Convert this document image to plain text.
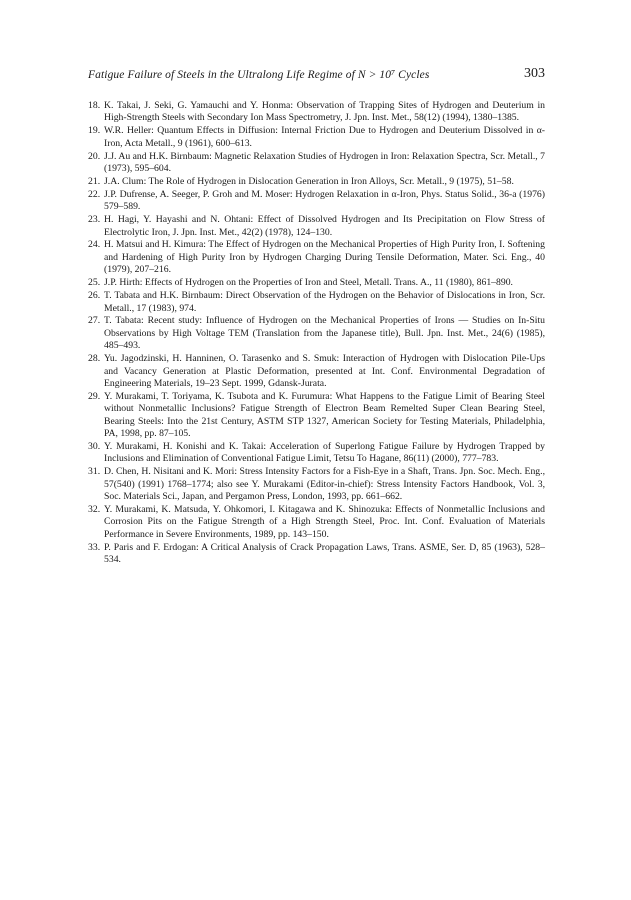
Fatigue Failure of Steels in the Ultralong Life Regime of N > 10⁷ Cycles	303
18. K. Takai, J. Seki, G. Yamauchi and Y. Honma: Observation of Trapping Sites of Hydrogen and Deuterium in High-Strength Steels with Secondary Ion Mass Spectrometry, J. Jpn. Inst. Met., 58(12) (1994), 1380–1385.
19. W.R. Heller: Quantum Effects in Diffusion: Internal Friction Due to Hydrogen and Deuterium Dissolved in α-Iron, Acta Metall., 9 (1961), 600–613.
20. J.J. Au and H.K. Birnbaum: Magnetic Relaxation Studies of Hydrogen in Iron: Relaxation Spectra, Scr. Metall., 7 (1973), 595–604.
21. J.A. Clum: The Role of Hydrogen in Dislocation Generation in Iron Alloys, Scr. Metall., 9 (1975), 51–58.
22. J.P. Dufrense, A. Seeger, P. Groh and M. Moser: Hydrogen Relaxation in α-Iron, Phys. Status Solid., 36-a (1976) 579–589.
23. H. Hagi, Y. Hayashi and N. Ohtani: Effect of Dissolved Hydrogen and Its Precipitation on Flow Stress of Electrolytic Iron, J. Jpn. Inst. Met., 42(2) (1978), 124–130.
24. H. Matsui and H. Kimura: The Effect of Hydrogen on the Mechanical Properties of High Purity Iron, I. Softening and Hardening of High Purity Iron by Hydrogen Charging During Tensile Deformation, Mater. Sci. Eng., 40 (1979), 207–216.
25. J.P. Hirth: Effects of Hydrogen on the Properties of Iron and Steel, Metall. Trans. A., 11 (1980), 861–890.
26. T. Tabata and H.K. Birnbaum: Direct Observation of the Hydrogen on the Behavior of Dislocations in Iron, Scr. Metall., 17 (1983), 974.
27. T. Tabata: Recent study: Influence of Hydrogen on the Mechanical Properties of Irons — Studies on In-Situ Observations by High Voltage TEM (Translation from the Japanese title), Bull. Jpn. Inst. Met., 24(6) (1985), 485–493.
28. Yu. Jagodzinski, H. Hanninen, O. Tarasenko and S. Smuk: Interaction of Hydrogen with Dislocation Pile-Ups and Vacancy Generation at Plastic Deformation, presented at Int. Conf. Environmental Degradation of Engineering Materials, 19–23 Sept. 1999, Gdansk-Jurata.
29. Y. Murakami, T. Toriyama, K. Tsubota and K. Furumura: What Happens to the Fatigue Limit of Bearing Steel without Nonmetallic Inclusions? Fatigue Strength of Electron Beam Remelted Super Clean Bearing Steel, Bearing Steels: Into the 21st Century, ASTM STP 1327, American Society for Testing Materials, Philadelphia, PA, 1998, pp. 87–105.
30. Y. Murakami, H. Konishi and K. Takai: Acceleration of Superlong Fatigue Failure by Hydrogen Trapped by Inclusions and Elimination of Conventional Fatigue Limit, Tetsu To Hagane, 86(11) (2000), 777–783.
31. D. Chen, H. Nisitani and K. Mori: Stress Intensity Factors for a Fish-Eye in a Shaft, Trans. Jpn. Soc. Mech. Eng., 57(540) (1991) 1768–1774; also see Y. Murakami (Editor-in-chief): Stress Intensity Factors Handbook, Vol. 3, Soc. Materials Sci., Japan, and Pergamon Press, London, 1993, pp. 661–662.
32. Y. Murakami, K. Matsuda, Y. Ohkomori, I. Kitagawa and K. Shinozuka: Effects of Nonmetallic Inclusions and Corrosion Pits on the Fatigue Strength of a High Strength Steel, Proc. Int. Conf. Evaluation of Materials Performance in Severe Environments, 1989, pp. 143–150.
33. P. Paris and F. Erdogan: A Critical Analysis of Crack Propagation Laws, Trans. ASME, Ser. D, 85 (1963), 528–534.
